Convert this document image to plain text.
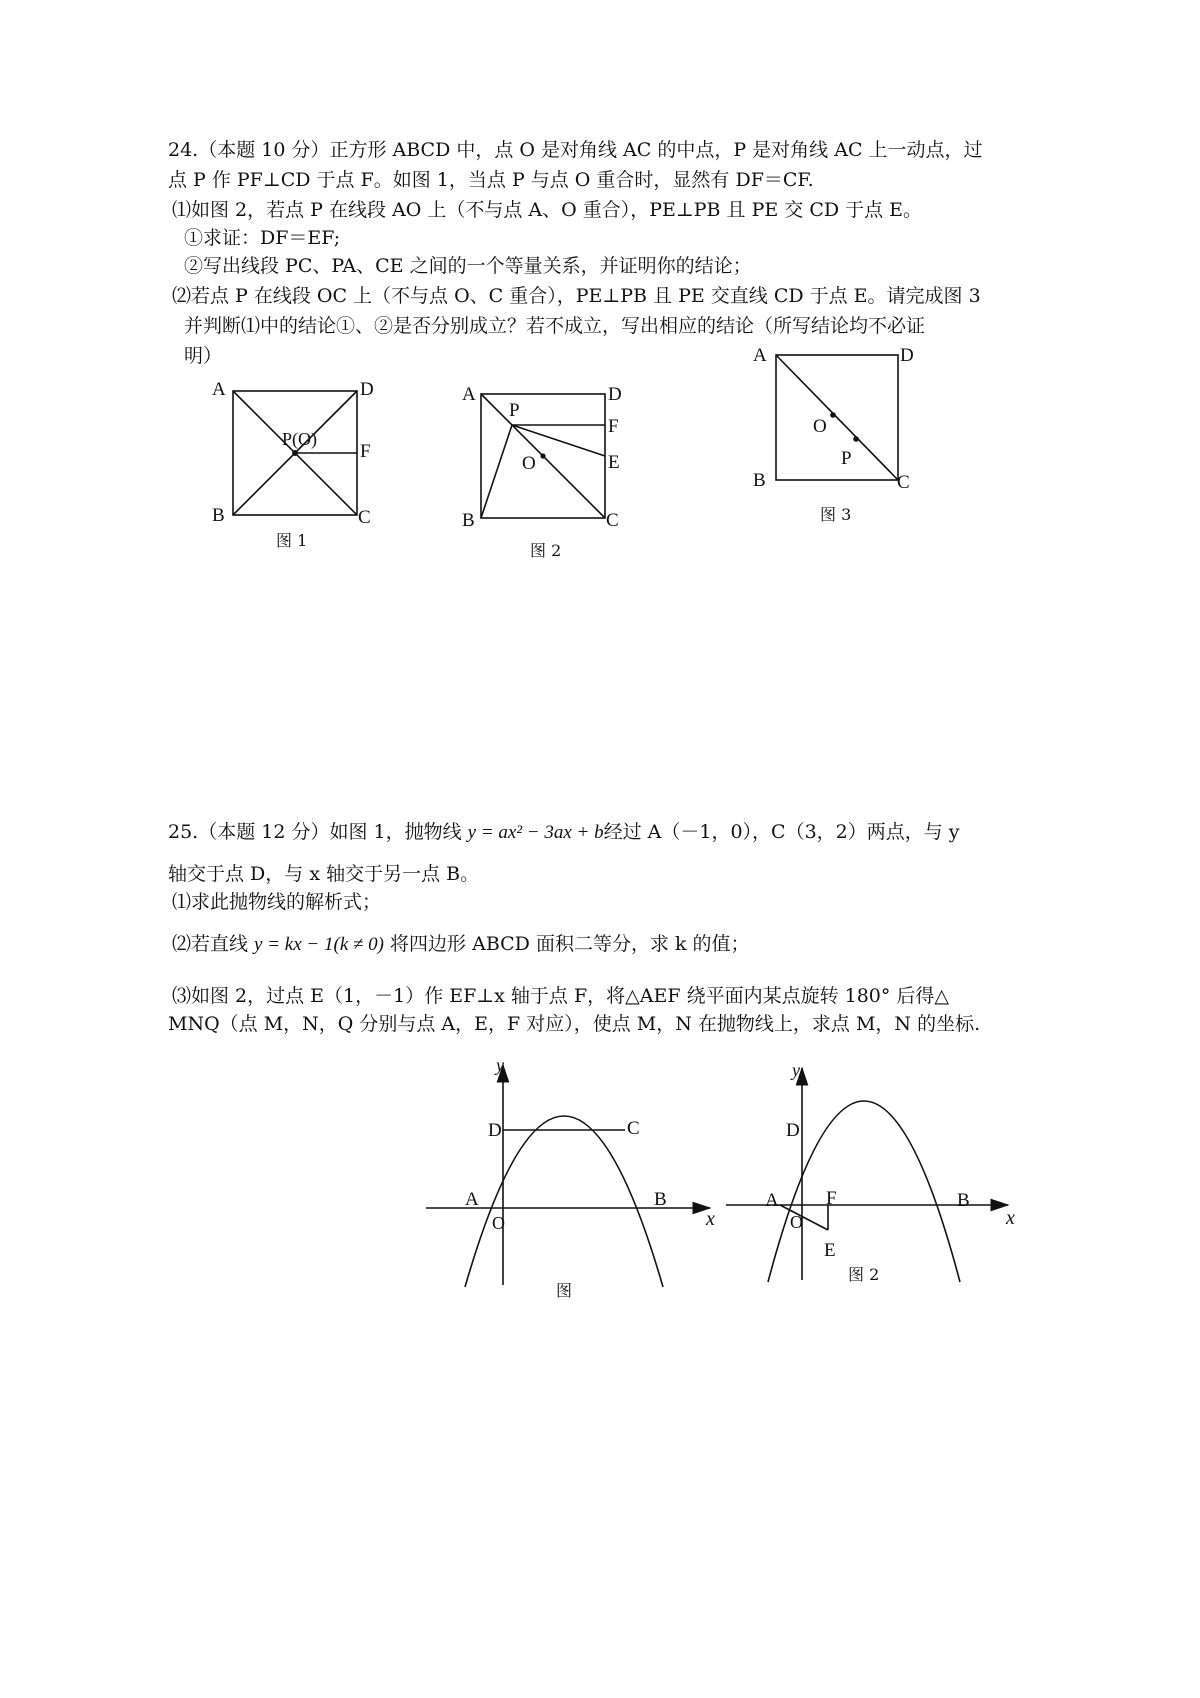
24.（本题 10 分）正方形 ABCD 中，点 O 是对角线 AC 的中点，P 是对角线 AC 上一动点，过
点 P 作 PF⊥CD 于点 F。如图 1，当点 P 与点 O 重合时，显然有 DF＝CF.
⑴如图 2，若点 P 在线段 AO 上（不与点 A、O 重合），PE⊥PB 且 PE 交 CD 于点 E。
①求证：DF＝EF;
②写出线段 PC、PA、CE 之间的一个等量关系，并证明你的结论；
⑵若点 P 在线段 OC 上（不与点 O、C 重合），PE⊥PB 且 PE 交直线 CD 于点 E。请完成图 3
并判断⑴中的结论①、②是否分别成立？若不成立，写出相应的结论（所写结论均不必证
明）
A	D
B	C
F
P(O)
图 1
A	D
B	C
F
E
P
O
图 2
A	D
B	C
O
P
图 3
25.（本题 12 分）如图 1，抛物线 y = ax² − 3ax + b经过 A（－1，0），C（3，2）两点，与 y
轴交于点 D，与 x 轴交于另一点 B。
⑴求此抛物线的解析式；
⑵若直线 y = kx − 1(k ≠ 0) 将四边形 ABCD 面积二等分，求 k 的值；
⑶如图 2，过点 E（1，－1）作 EF⊥x 轴于点 F，将△AEF 绕平面内某点旋转 180° 后得△
MNQ（点 M，N，Q 分别与点 A，E，F 对应），使点 M，N 在抛物线上，求点 M，N 的坐标.
y
x
D	C
A	B
O
图
y
x
D
A	B
O
F
E
图 2
